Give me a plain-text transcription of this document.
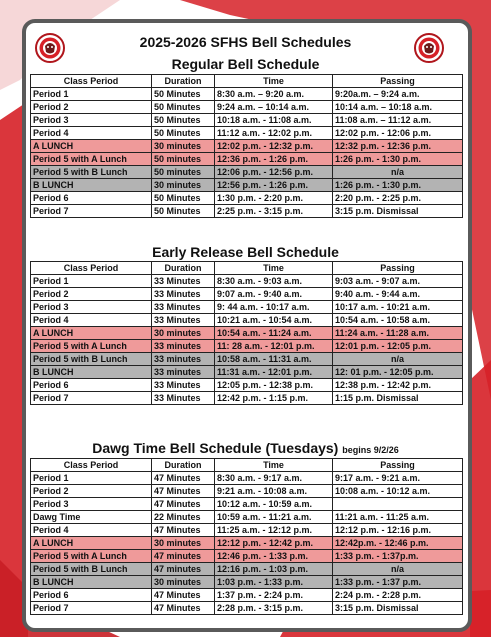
2025-2026 SFHS Bell Schedules
Regular Bell Schedule
Class Period	Duration	Time	Passing
Period 1	50 Minutes	8:30 a.m. – 9:20 a.m.	9:20a.m. – 9:24 a.m.
Period 2	50 Minutes	9:24 a.m. – 10:14 a.m.	10:14 a.m. – 10:18 a.m.
Period 3	50 Minutes	10:18 a.m. - 11:08 a.m.	11:08 a.m. – 11:12 a.m.
Period 4	50 Minutes	11:12 a.m. - 12:02 p.m.	12:02 p.m. - 12:06 p.m.
A LUNCH	30 minutes	12:02 p.m. - 12:32 p.m.	12:32 p.m. - 12:36 p.m.
Period 5 with A Lunch	50 minutes	12:36 p.m. - 1:26 p.m.	1:26 p.m. - 1:30 p.m.
Period 5 with B Lunch	50 minutes	12:06 p.m. - 12:56 p.m.	n/a
B LUNCH	30 minutes	12:56 p.m. - 1:26 p.m.	1:26 p.m. - 1:30 p.m.
Period 6	50 Minutes	1:30 p.m. - 2:20 p.m.	2:20 p.m. - 2:25 p.m.
Period 7	50 Minutes	2:25 p.m. - 3:15 p.m.	3:15 p.m. Dismissal
Early Release Bell Schedule
Class Period	Duration	Time	Passing
Period 1	33 Minutes	8:30 a.m. - 9:03 a.m.	9:03 a.m. - 9:07 a.m.
Period 2	33 Minutes	9:07 a.m. - 9:40 a.m.	9:40 a.m. - 9:44 a.m.
Period 3	33 Minutes	9: 44 a.m. - 10:17 a.m.	10:17 a.m. - 10:21 a.m.
Period 4	33 Minutes	10:21 a.m. - 10:54 a.m.	10:54 a.m. - 10:58 a.m.
A LUNCH	30 minutes	10:54 a.m. - 11:24 a.m.	11:24 a.m. - 11:28 a.m.
Period 5 with A Lunch	33 minutes	11: 28 a.m. - 12:01 p.m.	12:01 p.m. - 12:05 p.m.
Period 5 with B Lunch	33 minutes	10:58 a.m. - 11:31 a.m.	n/a
B LUNCH	33 minutes	11:31 a.m. - 12:01 p.m.	12: 01 p.m. - 12:05 p.m.
Period 6	33 Minutes	12:05 p.m. - 12:38 p.m.	12:38 p.m. - 12:42 p.m.
Period 7	33 Minutes	12:42 p.m. - 1:15 p.m.	1:15 p.m. Dismissal
Dawg Time Bell Schedule (Tuesdays) begins 9/2/26
Class Period	Duration	Time	Passing
Period 1	47 Minutes	8:30 a.m. - 9:17 a.m.	9:17 a.m. - 9:21 a.m.
Period 2	47 Minutes	9:21 a.m. - 10:08 a.m.	10:08 a.m. - 10:12 a.m.
Period 3	47 Minutes	10:12 a.m. - 10:59 a.m.	
Dawg Time	22 Minutes	10:59 a.m. - 11:21 a.m.	11:21 a.m. - 11:25 a.m.
Period 4	47 Minutes	11:25 a.m. - 12:12 p.m.	12:12 p.m. - 12:16 p.m.
A LUNCH	30 minutes	12:12 p.m. - 12:42 p.m.	12:42p.m. - 12:46 p.m.
Period 5 with A Lunch	47 minutes	12:46 p.m. - 1:33 p.m.	1:33 p.m. - 1:37p.m.
Period 5 with B Lunch	47 minutes	12:16 p.m. - 1:03 p.m.	n/a
B LUNCH	30 minutes	1:03 p.m. - 1:33 p.m.	1:33 p.m. - 1:37 p.m.
Period 6	47 Minutes	1:37 p.m. - 2:24 p.m.	2:24 p.m. - 2:28 p.m.
Period 7	47 Minutes	2:28 p.m. - 3:15 p.m.	3:15 p.m. Dismissal
